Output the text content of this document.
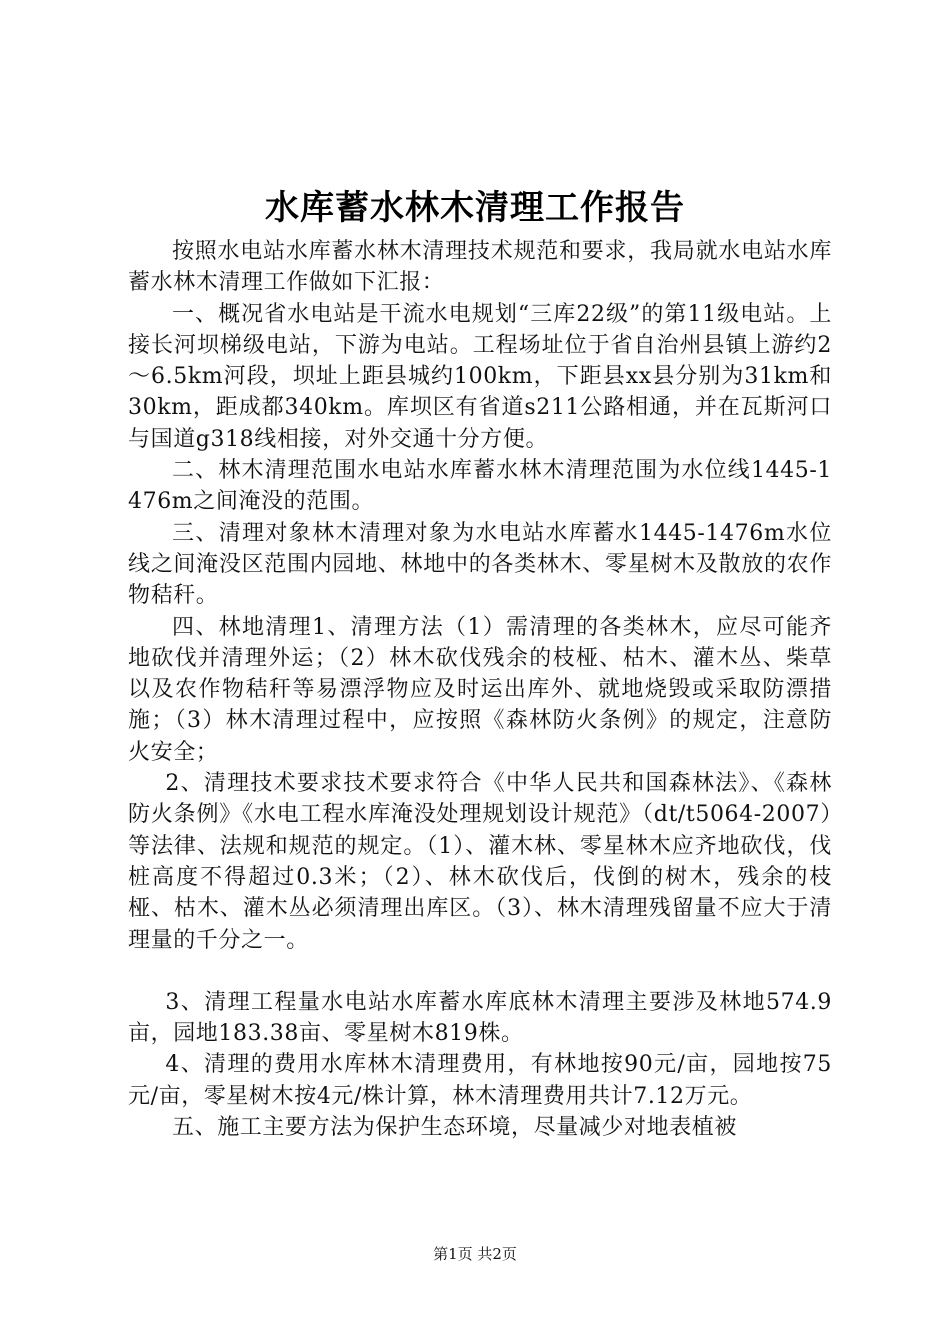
水库蓄水林木清理工作报告

按照水电站水库蓄水林木清理技术规范和要求，我局就水电站水库蓄水林木清理工作做如下汇报：

一、概况省水电站是干流水电规划“三库22级”的第11级电站。上接长河坝梯级电站，下游为电站。工程场址位于省自治州县镇上游约2～6.5km河段，坝址上距县城约100km，下距县xx县分别为31km和30km，距成都340km。库坝区有省道s211公路相通，并在瓦斯河口与国道g318线相接，对外交通十分方便。

二、林木清理范围水电站水库蓄水林木清理范围为水位线1445-1476m之间淹没的范围。

三、清理对象林木清理对象为水电站水库蓄水1445-1476m水位线之间淹没区范围内园地、林地中的各类林木、零星树木及散放的农作物秸秆。

四、林地清理1、清理方法（1）需清理的各类林木，应尽可能齐地砍伐并清理外运；（2）林木砍伐残余的枝桠、枯木、灌木丛、柴草以及农作物秸秆等易漂浮物应及时运出库外、就地烧毁或采取防漂措施；（3）林木清理过程中，应按照《森林防火条例》的规定，注意防火安全；

2、清理技术要求技术要求符合《中华人民共和国森林法》、《森林防火条例》《水电工程水库淹没处理规划设计规范》（dt/t5064-2007）等法律、法规和规范的规定。（1）、灌木林、零星林木应齐地砍伐，伐桩高度不得超过0.3米；（2）、林木砍伐后，伐倒的树木，残余的枝桠、枯木、灌木丛必须清理出库区。（3）、林木清理残留量不应大于清理量的千分之一。

3、清理工程量水电站水库蓄水库底林木清理主要涉及林地574.9亩，园地183.38亩、零星树木819株。

4、清理的费用水库林木清理费用，有林地按90元/亩，园地按75元/亩，零星树木按4元/株计算，林木清理费用共计7.12万元。

五、施工主要方法为保护生态环境，尽量减少对地表植被

第1页 共2页
